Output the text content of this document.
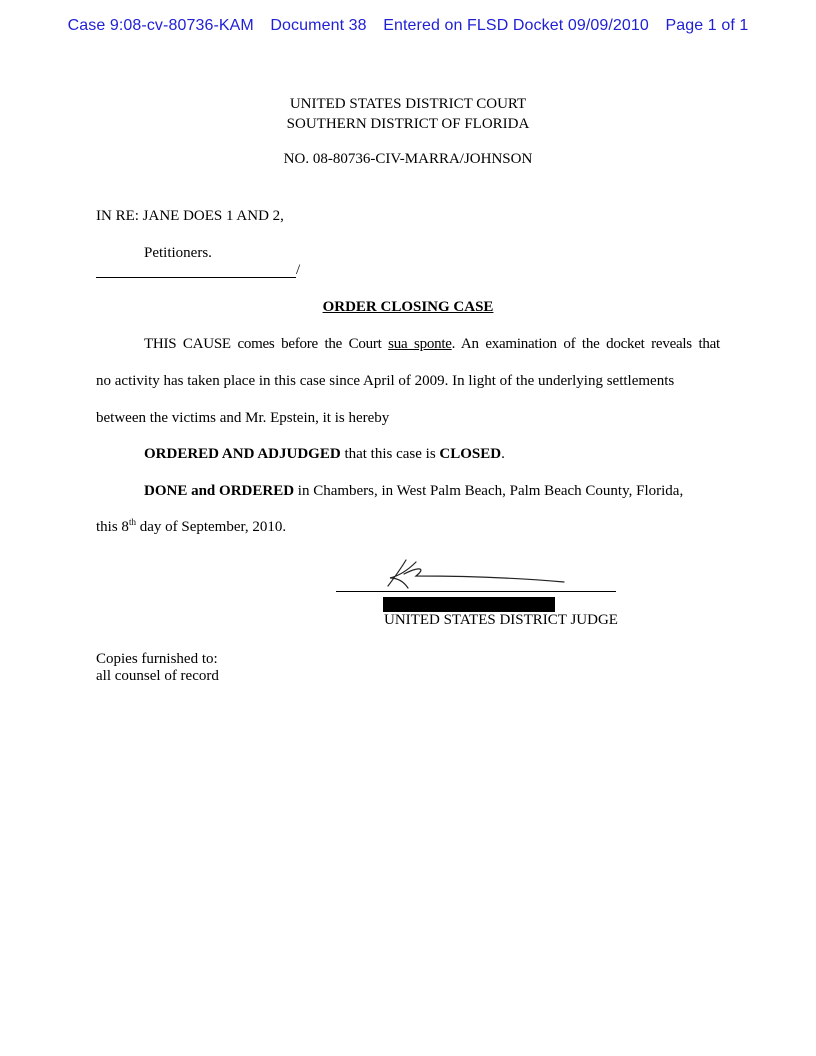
Case 9:08-cv-80736-KAM Document 38 Entered on FLSD Docket 09/09/2010 Page 1 of 1
UNITED STATES DISTRICT COURT
SOUTHERN DISTRICT OF FLORIDA
NO. 08-80736-CIV-MARRA/JOHNSON
IN RE: JANE DOES 1 AND 2,
Petitioners.
/
ORDER CLOSING CASE
THIS CAUSE comes before the Court sua sponte. An examination of the docket reveals that
no activity has taken place in this case since April of 2009. In light of the underlying settlements
between the victims and Mr. Epstein, it is hereby
ORDERED AND ADJUDGED that this case is CLOSED.
DONE and ORDERED in Chambers, in West Palm Beach, Palm Beach County, Florida,
this 8th day of September, 2010.
UNITED STATES DISTRICT JUDGE
Copies furnished to:
all counsel of record
